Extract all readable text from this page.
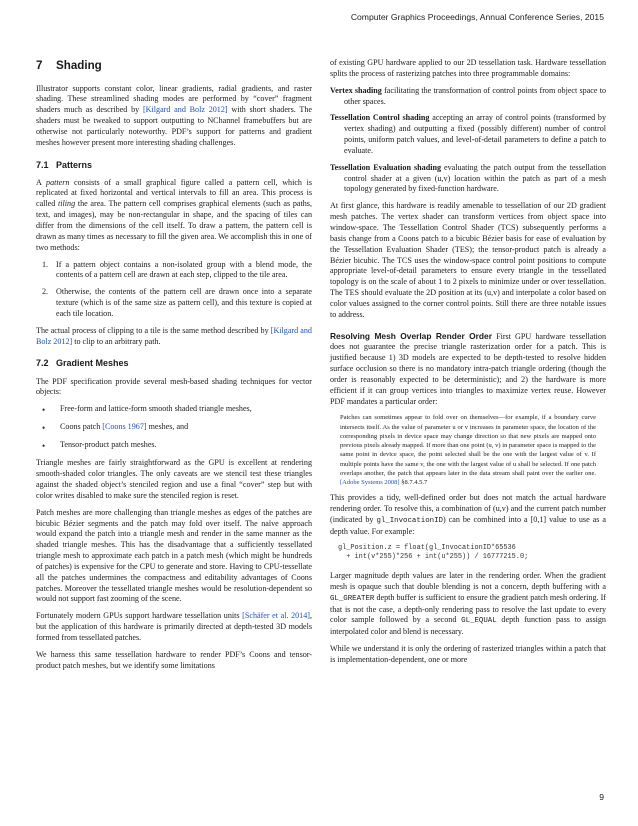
Computer Graphics Proceedings, Annual Conference Series, 2015
7 Shading

Illustrator supports constant color, linear gradients, radial gradients, and raster shading. These streamlined shading modes are performed by “cover” fragment shaders much as described by [Kilgard and Bolz 2012] with short shaders. The shaders must be tweaked to support outputting to NChannel framebuffers but are otherwise not particularly noteworthy. PDF’s support for patterns and gradient meshes however present more interesting shading challenges.

7.1 Patterns

A pattern consists of a small graphical figure called a pattern cell, which is replicated at fixed horizontal and vertical intervals to fill an area. This process is called tiling the area. The pattern cell comprises graphical elements (such as paths, text, and images), may be non-rectangular in shape, and the spacing of tiles can differ from the dimensions of the cell itself. To draw a pattern, the pattern cell is drawn as many times as necessary to fill the given area. We accomplish this in one of two methods:

1. If a pattern object contains a non-isolated group with a blend mode, the contents of a pattern cell are drawn at each step, clipped to the tile area.
2. Otherwise, the contents of the pattern cell are drawn once into a separate texture (which is of the same size as pattern cell), and this texture is copied at each tile location.

The actual process of clipping to a tile is the same method described by [Kilgard and Bolz 2012] to clip to an arbitrary path.

7.2 Gradient Meshes

The PDF specification provide several mesh-based shading techniques for vector objects:

•	Free-form and lattice-form smooth shaded triangle meshes,
•	Coons patch [Coons 1967] meshes, and
•	Tensor-product patch meshes.

Triangle meshes are fairly straightforward as the GPU is excellent at rendering smooth-shaded color triangles. The only caveats are we stencil test these triangles against the shaded object’s stenciled region and use a final “cover” step but with color writes disabled to make sure the stenciled region is reset.

Patch meshes are more challenging than triangle meshes as edges of the patches are bicubic Bézier segments and the patch may fold over itself. The naïve approach would expand the patch into a triangle mesh and render in the same manner as the shaded triangle meshes. This has the disadvantage that a sufficiently tessellated triangle mesh to approximate each patch in a patch mesh (which might be hundreds of patches) is expensive for the CPU to generate and store. Having to CPU-tessellate all the patches undermines the compactness and editability advantages of Coons patches. Moreover the tessellated triangle meshes would be resolution-dependent so would not support fast zooming of the scene.

Fortunately modern GPUs support hardware tessellation units [Schäfer et al. 2014], but the application of this hardware is primarily directed at depth-tested 3D models formed from tessellated patches.

We harness this same tessellation hardware to render PDF’s Coons and tensor-product patch meshes, but we identify some limitations

of existing GPU hardware applied to our 2D tessellation task. Hardware tessellation splits the process of rasterizing patches into three programmable domains:

Vertex shading facilitating the transformation of control points from object space to other spaces.
Tessellation Control shading accepting an array of control points (transformed by vertex shading) and outputting a fixed (possibly different) number of control points, uniform patch values, and level-of-detail parameters to define a patch to evaluate.
Tessellation Evaluation shading evaluating the patch output from the tessellation control shader at a given (u,v) location within the patch as part of a mesh topology generated by fixed-function hardware.

At first glance, this hardware is readily amenable to tessellation of our 2D gradient mesh patches. The vertex shader can transform vertices from object space into window-space. The Tessellation Control Shader (TCS) subsequently performs a basis change from a Coons patch to a bicubic Bézier basis for ease of evaluation by the Tessellation Evaluation Shader (TES); the tensor-product patch is already a Bézier bicubic. The TCS uses the window-space control point positions to compute appropriate level-of-detail parameters to ensure every triangle in the tessellated topology is on the scale of about 1 to 2 pixels to minimize under or over tessellation. The TES should evaluate the 2D position at its (u,v) and interpolate a color based on color values assigned to the corner control points. Still there are three notable issues to address.

Resolving Mesh Overlap Render Order First GPU hardware tessellation does not guarantee the precise triangle rasterization order for a patch. This is justified because 1) 3D models are expected to be depth-tested to resolve hidden surface occlusion so there is no mandatory intra-patch triangle ordering (though the order is reasonably expected to be deterministic); and 2) the hardware is more efficient if it can group vertices into triangles to maximize vertex reuse. However PDF mandates a particular order:

Patches can sometimes appear to fold over on themselves—for example, if a boundary curve intersects itself. As the value of parameter u or v increases in parameter space, the location of the corresponding pixels in device space may change direction so that new pixels are mapped onto previous pixels already mapped. If more than one point (u, v) in parameter space is mapped to the same point in device space, the point selected shall be the one with the largest value of v. If multiple points have the same v, the one with the largest value of u shall be selected. If one patch overlaps another, the patch that appears later in the data stream shall paint over the earlier one. [Adobe Systems 2008] §8.7.4.5.7

This provides a tidy, well-defined order but does not match the actual hardware rendering order. To resolve this, a combination of (u,v) and the current patch number (indicated by gl_InvocationID) can be combined into a [0,1] value to use as a depth value. For example:

gl_Position.z = float(gl_InvocationID*65536
+ int(v*255)*256 + int(u*255)) / 16777215.0;

Larger magnitude depth values are later in the rendering order. When the gradient mesh is opaque such that double blending is not a concern, depth buffering with a GL_GREATER depth buffer is sufficient to ensure the gradient patch mesh ordering. If that is not the case, a depth-only rendering pass to resolve the last update to every color sample followed by a second GL_EQUAL depth function pass to assign interpolated color and blend is necessary.

While we understand it is only the ordering of rasterized triangles within a patch that is implementation-dependent, one or more

9
